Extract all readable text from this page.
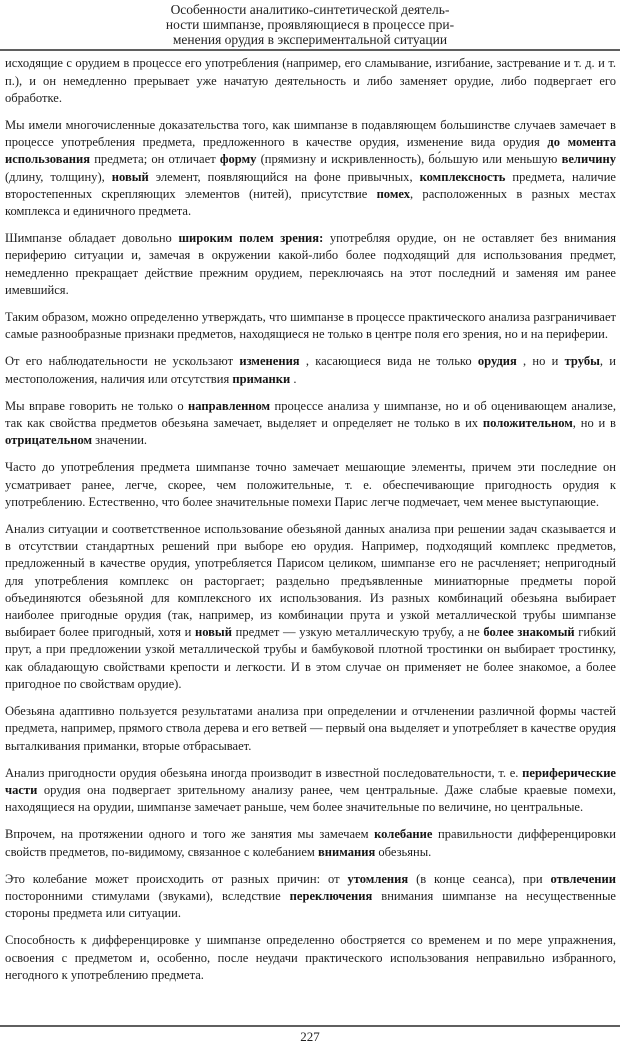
Особенности аналитико-синтетической деятель-
ности шимпанзе, проявляющиеся в процессе при-
менения орудия в экспериментальной ситуации

исходящие с орудием в процессе его употребления (например, его сламывание, изгибание, застревание и т. д. и т. п.), и он немедленно прерывает уже начатую деятельность и либо заменяет орудие, либо подвергает его обработке.

Мы имели многочисленные доказательства того, как шимпанзе в подавляющем большинстве случаев замечает в процессе употребления предмета, предложенного в качестве орудия, изменение вида орудия до момента использования предмета; он отличает форму (прямизну и искривленность), бо́льшую или меньшую величину (длину, толщину), новый элемент, появляющийся на фоне привычных, комплексность предмета, наличие второстепенных скрепляющих элементов (нитей), присутствие помех, расположенных в разных местах комплекса и единичного предмета.

Шимпанзе обладает довольно широким полем зрения: употребляя орудие, он не оставляет без внимания периферию ситуации и, замечая в окружении какой-либо более подходящий для использования предмет, немедленно прекращает действие прежним орудием, переключаясь на этот последний и заменяя им ранее имевшийся.

Таким образом, можно определенно утверждать, что шимпанзе в процессе практического анализа разграничивает самые разнообразные признаки предметов, находящиеся не только в центре поля его зрения, но и на периферии.

От его наблюдательности не ускользают изменения , касающиеся вида не только орудия , но и трубы, и местоположения, наличия или отсутствия приманки .

Мы вправе говорить не только о направленном процессе анализа у шимпанзе, но и об оценивающем анализе, так как свойства предметов обезьяна замечает, выделяет и определяет не только в их положительном, но и в отрицательном значении.

Часто до употребления предмета шимпанзе точно замечает мешающие элементы, причем эти последние он усматривает ранее, легче, скорее, чем положительные, т. е. обеспечивающие пригодность орудия к употреблению. Естественно, что более значительные помехи Парис легче подмечает, чем менее выступающие.

Анализ ситуации и соответственное использование обезьяной данных анализа при решении задач сказывается и в отсутствии стандартных решений при выборе ею орудия. Например, подходящий комплекс предметов, предложенный в качестве орудия, употребляется Парисом целиком, шимпанзе его не расчленяет; непригодный для употребления комплекс он расторгает; раздельно предъявленные миниатюрные предметы порой объединяются обезьяной для комплексного их использования. Из разных комбинаций обезьяна выбирает наиболее пригодные орудия (так, например, из комбинации прута и узкой металлической трубы шимпанзе выбирает более пригодный, хотя и новый предмет — узкую металлическую трубу, а не более знакомый гибкий прут, а при предложении узкой металлической трубы и бамбуковой плотной тростинки он выбирает тростинку, как обладающую свойствами крепости и легкости. И в этом случае он применяет не более знакомое, а более пригодное по свойствам орудие).

Обезьяна адаптивно пользуется результатами анализа при определении и отчленении различной формы частей предмета, например, прямого ствола дерева и его ветвей — первый она выделяет и употребляет в качестве орудия выталкивания приманки, вторые отбрасывает.

Анализ пригодности орудия обезьяна иногда производит в известной последовательности, т. е. периферические части орудия она подвергает зрительному анализу ранее, чем центральные. Даже слабые краевые помехи, находящиеся на орудии, шимпанзе замечает раньше, чем более значительные по величине, но центральные.

Впрочем, на протяжении одного и того же занятия мы замечаем колебание правильности дифференцировки свойств предметов, по-видимому, связанное с колебанием внимания обезьяны.

Это колебание может происходить от разных причин: от утомления (в конце сеанса), при отвлечении посторонними стимулами (звуками), вследствие переключения внимания шимпанзе на несущественные стороны предмета или ситуации.

Способность к дифференцировке у шимпанзе определенно обостряется со временем и по мере упражнения, освоения с предметом и, особенно, после неудачи практического использования неправильно избранного, негодного к употреблению предмета.

227
